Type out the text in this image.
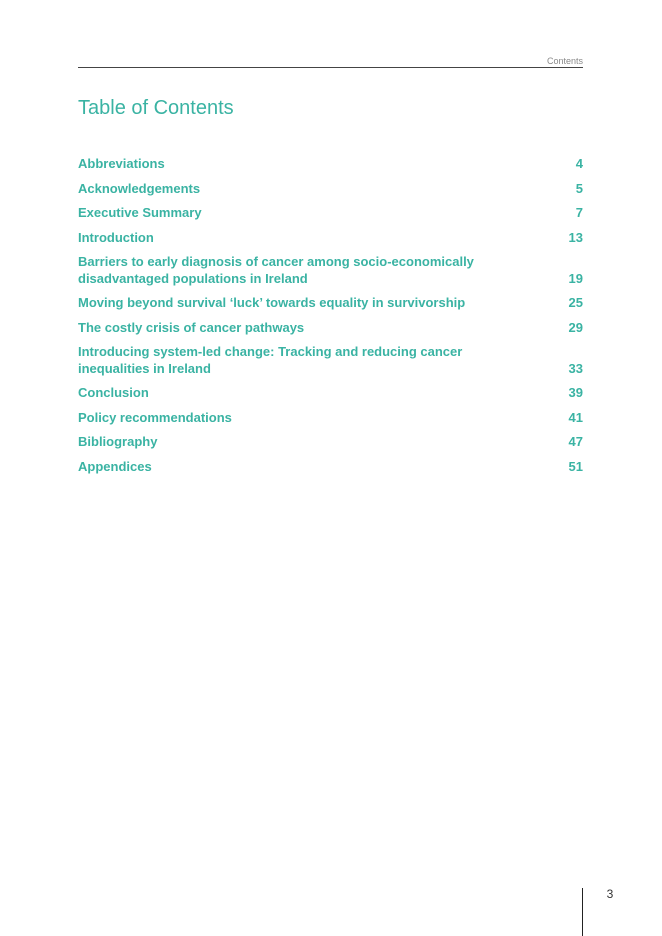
Contents
Table of Contents
Abbreviations	4
Acknowledgements	5
Executive Summary	7
Introduction	13
Barriers to early diagnosis of cancer among socio-economically disadvantaged populations in Ireland	19
Moving beyond survival ‘luck’ towards equality in survivorship	25
The costly crisis of cancer pathways	29
Introducing system-led change: Tracking and reducing cancer inequalities in Ireland	33
Conclusion	39
Policy recommendations	41
Bibliography	47
Appendices	51
3
